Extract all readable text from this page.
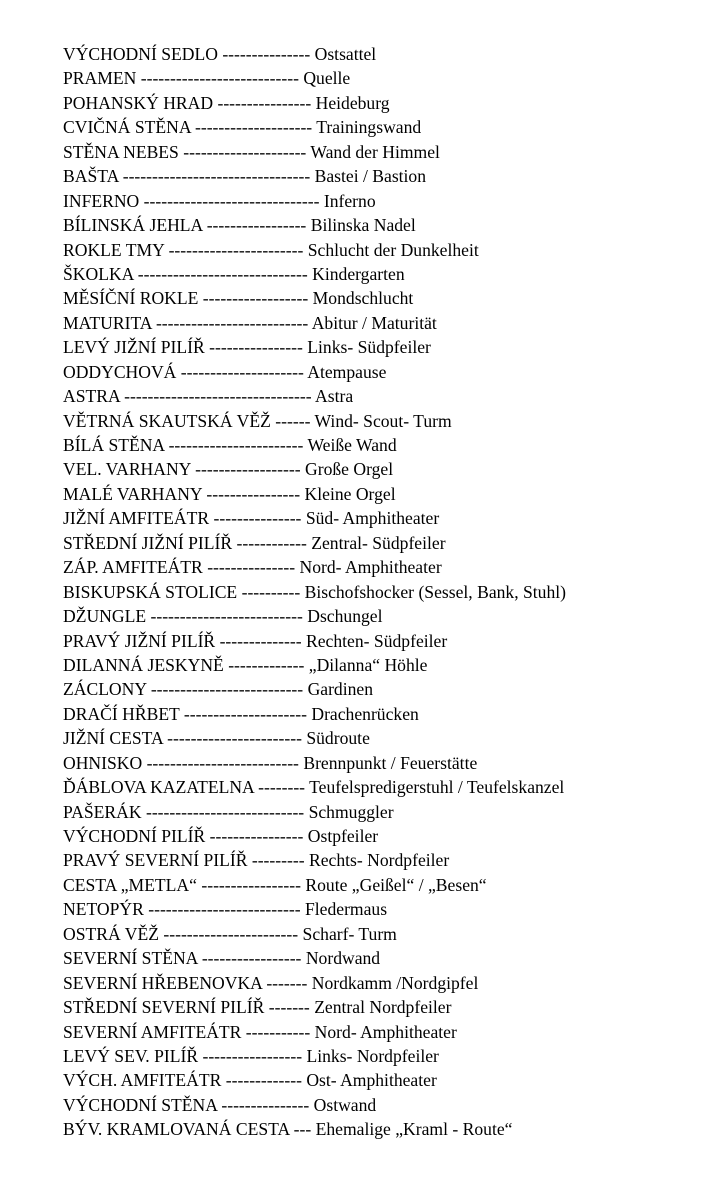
VÝCHODNÍ SEDLO --------------- Ostsattel
PRAMEN --------------------------- Quelle
POHANSKÝ HRAD ---------------- Heideburg
CVIČNÁ STĚNA -------------------- Trainingswand
STĚNA NEBES --------------------- Wand der Himmel
BAŠTA -------------------------------- Bastei / Bastion
INFERNO ------------------------------ Inferno
BÍLINSKÁ JEHLA ----------------- Bilinska Nadel
ROKLE TMY ----------------------- Schlucht der Dunkelheit
ŠKOLKA ----------------------------- Kindergarten
MĚSÍČNÍ ROKLE ------------------ Mondschlucht
MATURITA -------------------------- Abitur / Maturität
LEVÝ JIŽNÍ PILÍŘ ---------------- Links- Südpfeiler
ODDYCHOVÁ --------------------- Atempause
ASTRA -------------------------------- Astra
VĚTRNÁ SKAUTSKÁ VĚŽ ------ Wind- Scout- Turm
BÍLÁ STĚNA ----------------------- Weiße Wand
VEL. VARHANY ------------------ Große Orgel
MALÉ VARHANY ---------------- Kleine Orgel
JIŽNÍ AMFITEÁTR --------------- Süd- Amphitheater
STŘEDNÍ JIŽNÍ PILÍŘ ------------ Zentral- Südpfeiler
ZÁP. AMFITEÁTR --------------- Nord- Amphitheater
BISKUPSKÁ STOLICE ---------- Bischofshocker (Sessel, Bank, Stuhl)
DŽUNGLE -------------------------- Dschungel
PRAVÝ JIŽNÍ PILÍŘ -------------- Rechten- Südpfeiler
DILANNÁ JESKYNĚ ------------- „Dilanna“ Höhle
ZÁCLONY -------------------------- Gardinen
DRAČÍ HŘBET --------------------- Drachenrücken
JIŽNÍ CESTA ----------------------- Südroute
OHNISKO -------------------------- Brennpunkt / Feuerstätte
ĎÁBLOVA KAZATELNA -------- Teufelspredigerstuhl / Teufelskanzel
PAŠERÁK --------------------------- Schmuggler
VÝCHODNÍ PILÍŘ ---------------- Ostpfeiler
PRAVÝ SEVERNÍ PILÍŘ --------- Rechts- Nordpfeiler
CESTA „METLA“ ----------------- Route „Geißel“ / „Besen“
NETOPÝR -------------------------- Fledermaus
OSTRÁ VĚŽ ----------------------- Scharf- Turm
SEVERNÍ STĚNA ----------------- Nordwand
SEVERNÍ HŘEBENOVKA ------- Nordkamm /Nordgipfel
STŘEDNÍ SEVERNÍ PILÍŘ ------- Zentral Nordpfeiler
SEVERNÍ AMFITEÁTR ----------- Nord- Amphitheater
LEVÝ SEV. PILÍŘ ----------------- Links- Nordpfeiler
VÝCH. AMFITEÁTR ------------- Ost- Amphitheater
VÝCHODNÍ STĚNA --------------- Ostwand
BÝV. KRAMLOVANÁ CESTA --- Ehemalige „Kraml - Route“
